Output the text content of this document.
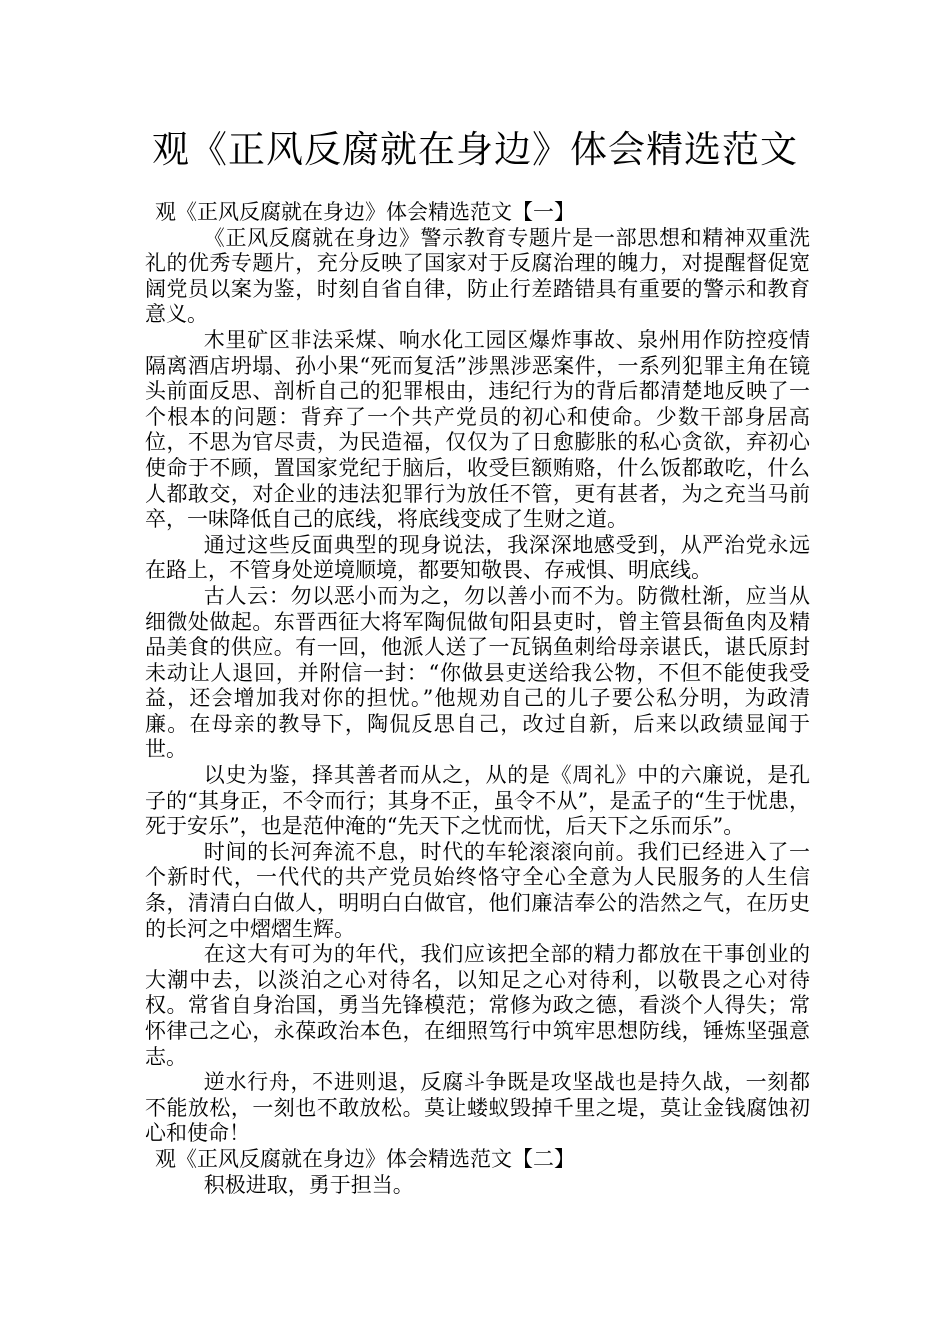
观《正风反腐就在身边》体会精选范文

观《正风反腐就在身边》体会精选范文【一】

《正风反腐就在身边》警示教育专题片是一部思想和精神双重洗礼的优秀专题片，充分反映了国家对于反腐治理的魄力，对提醒督促宽阔党员以案为鉴，时刻自省自律，防止行差踏错具有重要的警示和教育意义。

木里矿区非法采煤、响水化工园区爆炸事故、泉州用作防控疫情隔离酒店坍塌、孙小果“死而复活”涉黑涉恶案件，一系列犯罪主角在镜头前面反思、剖析自己的犯罪根由，违纪行为的背后都清楚地反映了一个根本的问题：背弃了一个共产党员的初心和使命。少数干部身居高位，不思为官尽责，为民造福，仅仅为了日愈膨胀的私心贪欲，弃初心使命于不顾，置国家党纪于脑后，收受巨额贿赂，什么饭都敢吃，什么人都敢交，对企业的违法犯罪行为放任不管，更有甚者，为之充当马前卒，一味降低自己的底线，将底线变成了生财之道。

通过这些反面典型的现身说法，我深深地感受到，从严治党永远在路上，不管身处逆境顺境，都要知敬畏、存戒惧、明底线。

古人云：勿以恶小而为之，勿以善小而不为。防微杜渐，应当从细微处做起。东晋西征大将军陶侃做旬阳县吏时，曾主管县衙鱼肉及精品美食的供应。有一回，他派人送了一瓦锅鱼刺给母亲谌氏，谌氏原封未动让人退回，并附信一封：“你做县吏送给我公物，不但不能使我受益，还会增加我对你的担忧。”他规劝自己的儿子要公私分明，为政清廉。在母亲的教导下，陶侃反思自己，改过自新，后来以政绩显闻于世。

以史为鉴，择其善者而从之，从的是《周礼》中的六廉说，是孔子的“其身正，不令而行；其身不正，虽令不从”，是孟子的“生于忧患，死于安乐”，也是范仲淹的“先天下之忧而忧，后天下之乐而乐”。

时间的长河奔流不息，时代的车轮滚滚向前。我们已经进入了一个新时代，一代代的共产党员始终恪守全心全意为人民服务的人生信条，清清白白做人，明明白白做官，他们廉洁奉公的浩然之气，在历史的长河之中熠熠生辉。

在这大有可为的年代，我们应该把全部的精力都放在干事创业的大潮中去，以淡泊之心对待名，以知足之心对待利，以敬畏之心对待权。常省自身治国，勇当先锋模范；常修为政之德，看淡个人得失；常怀律己之心，永葆政治本色，在细照笃行中筑牢思想防线，锤炼坚强意志。

逆水行舟，不进则退，反腐斗争既是攻坚战也是持久战，一刻都不能放松，一刻也不敢放松。莫让蝼蚁毁掉千里之堤，莫让金钱腐蚀初心和使命！

观《正风反腐就在身边》体会精选范文【二】

积极进取，勇于担当。
